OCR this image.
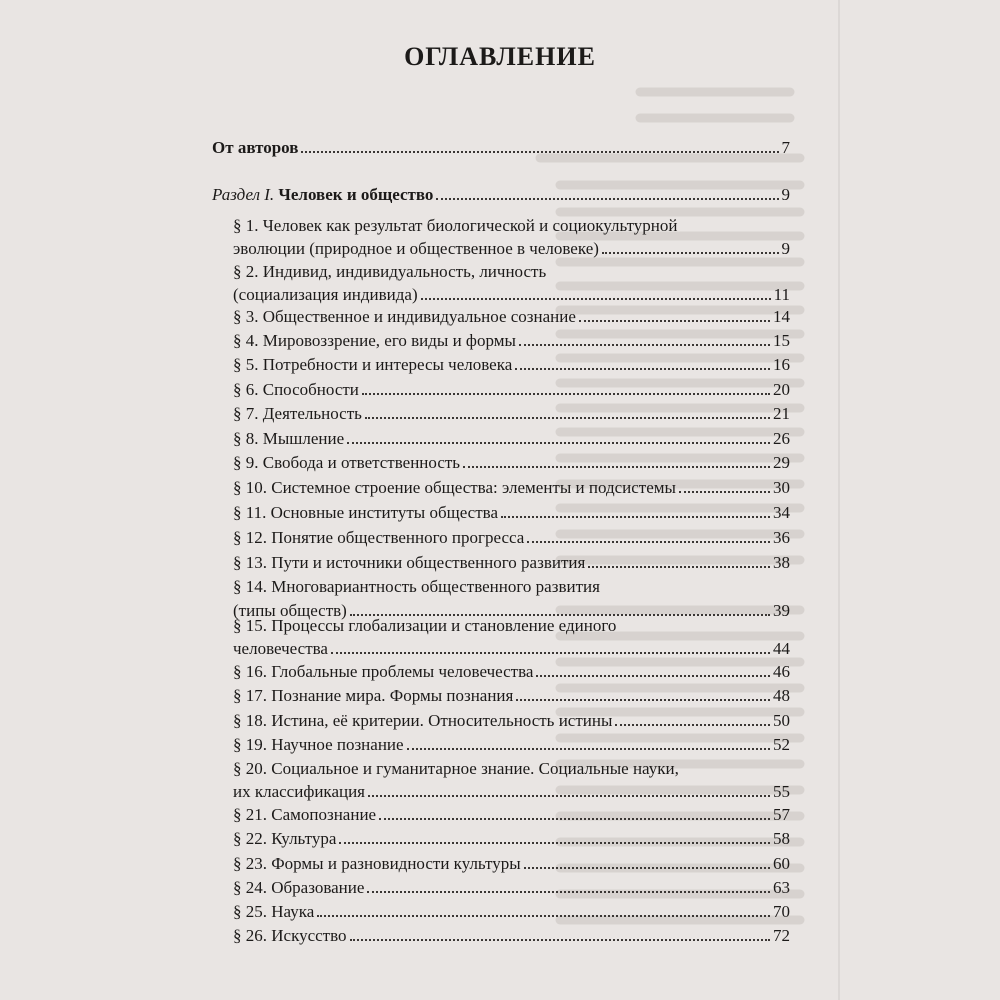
ОГЛАВЛЕНИЕ
От авторов	7
Раздел I. Человек и общество	9
§ 1. Человек как результат биологической и социокультурной
эволюции (природное и общественное в человеке)	9
§ 2. Индивид, индивидуальность, личность
(социализация индивида)	11
§ 3. Общественное и индивидуальное сознание	14
§ 4. Мировоззрение, его виды и формы	15
§ 5. Потребности и интересы человека	16
§ 6. Способности	20
§ 7. Деятельность	21
§ 8. Мышление	26
§ 9. Свобода и ответственность	29
§ 10. Системное строение общества: элементы и подсистемы	30
§ 11. Основные институты общества	34
§ 12. Понятие общественного прогресса	36
§ 13. Пути и источники общественного развития	38
§ 14. Многовариантность общественного развития
(типы обществ)	39
§ 15. Процессы глобализации и становление единого
человечества	44
§ 16. Глобальные проблемы человечества	46
§ 17. Познание мира. Формы познания	48
§ 18. Истина, её критерии. Относительность истины	50
§ 19. Научное познание	52
§ 20. Социальное и гуманитарное знание. Социальные науки,
их классификация	55
§ 21. Самопознание	57
§ 22. Культура	58
§ 23. Формы и разновидности культуры	60
§ 24. Образование	63
§ 25. Наука	70
§ 26. Искусство	72
